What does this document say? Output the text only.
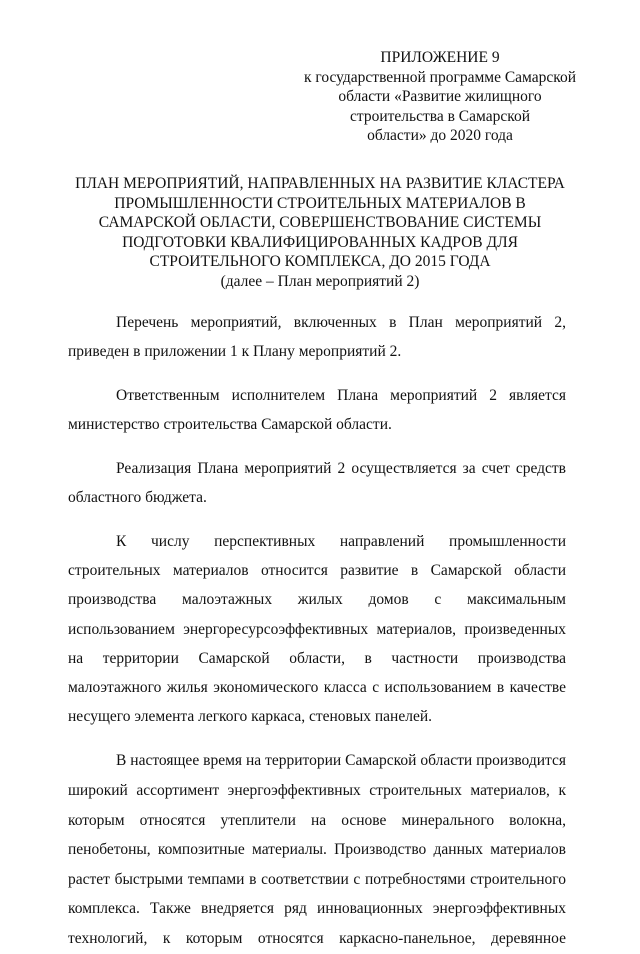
ПРИЛОЖЕНИЕ 9
к государственной программе Самарской
области «Развитие жилищного
строительства в Самарской
области» до 2020 года
ПЛАН МЕРОПРИЯТИЙ, НАПРАВЛЕННЫХ НА РАЗВИТИЕ КЛАСТЕРА
ПРОМЫШЛЕННОСТИ СТРОИТЕЛЬНЫХ МАТЕРИАЛОВ В
САМАРСКОЙ ОБЛАСТИ, СОВЕРШЕНСТВОВАНИЕ СИСТЕМЫ
ПОДГОТОВКИ КВАЛИФИЦИРОВАННЫХ КАДРОВ ДЛЯ
СТРОИТЕЛЬНОГО КОМПЛЕКСА, ДО 2015 ГОДА
(далее – План мероприятий 2)

Перечень мероприятий, включенных в План мероприятий 2, приведен в приложении 1 к Плану мероприятий 2.

Ответственным исполнителем Плана мероприятий 2 является министерство строительства Самарской области.

Реализация Плана мероприятий 2 осуществляется за счет средств областного бюджета.

К числу перспективных направлений промышленности строительных материалов относится развитие в Самарской области производства малоэтажных жилых домов с максимальным использованием энергоресурсоэффективных материалов, произведенных на территории Самарской области, в частности производства малоэтажного жилья экономического класса с использованием в качестве несущего элемента легкого каркаса, стеновых панелей.

В настоящее время на территории Самарской области производится широкий ассортимент энергоэффективных строительных материалов, к которым относятся утеплители на основе минерального волокна, пенобетоны, композитные материалы. Производство данных материалов растет быстрыми темпами в соответствии с потребностями строительного комплекса. Также внедряется ряд инновационных энергоэффективных технологий, к которым относятся каркасно-панельное, деревянное
